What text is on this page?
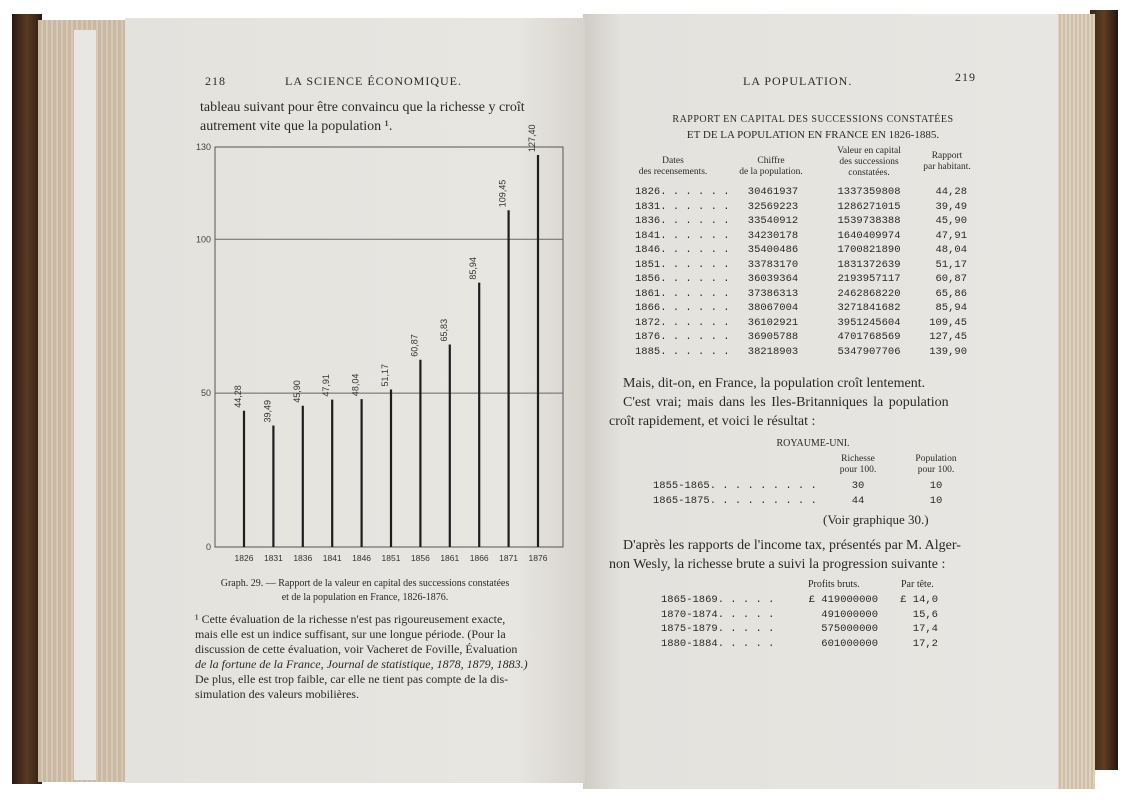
218	LA SCIENCE ÉCONOMIQUE.
tableau suivant pour être convaincu que la richesse y croît
autrement vite que la population ¹.
0
50
100
130
44,28
1826
39,49
1831
45,90
1836
47,91
1841
48,04
1846
51,17
1851
60,87
1856
65,83
1861
85,94
1866
109,45
1871
127,40
1876
Graph. 29. — Rapport de la valeur en capital des successions constatées
et de la population en France, 1826-1876.
¹ Cette évaluation de la richesse n'est pas rigoureusement exacte,
mais elle est un indice suffisant, sur une longue période. (Pour la
discussion de cette évaluation, voir Vacheret de Foville, Évaluation
de la fortune de la France, Journal de statistique, 1878, 1879, 1883.)
De plus, elle est trop faible, car elle ne tient pas compte de la dis-
simulation des valeurs mobilières.
LA POPULATION.	219
RAPPORT EN CAPITAL DES SUCCESSIONS CONSTATÉES
ET DE LA POPULATION EN FRANCE EN 1826-1885.
Dates
des recensements.
Chiffre
de la population.
Valeur en capital
des successions
constatées.
Rapport
par habitant.
1826. . . . . .	30461937	1337359808	44,28
1831. . . . . .	32569223	1286271015	39,49
1836. . . . . .	33540912	1539738388	45,90
1841. . . . . .	34230178	1640409974	47,91
1846. . . . . .	35400486	1700821890	48,04
1851. . . . . .	33783170	1831372639	51,17
1856. . . . . .	36039364	2193957117	60,87
1861. . . . . .	37386313	2462868220	65,86
1866. . . . . .	38067004	3271841682	85,94
1872. . . . . .	36102921	3951245604	109,45
1876. . . . . .	36905788	4701768569	127,45
1885. . . . . .	38218903	5347907706	139,90
Mais, dit-on, en France, la population croît lentement.
C'est vrai; mais dans les Iles-Britanniques la population
croît rapidement, et voici le résultat :
ROYAUME-UNI.
Richesse
pour 100.
Population
pour 100.
1855-1865. . . . . . . . .	30	10
1865-1875. . . . . . . . .	44	10
(Voir graphique 30.)
D'après les rapports de l'income tax, présentés par M. Alger-
non Wesly, la richesse brute a suivi la progression suivante :
Profits bruts.	Par tête.
1865-1869. . . . .	£ 419000000	£ 14,0
1870-1874. . . . .	491000000	15,6
1875-1879. . . . .	575000000	17,4
1880-1884. . . . .	601000000	17,2
